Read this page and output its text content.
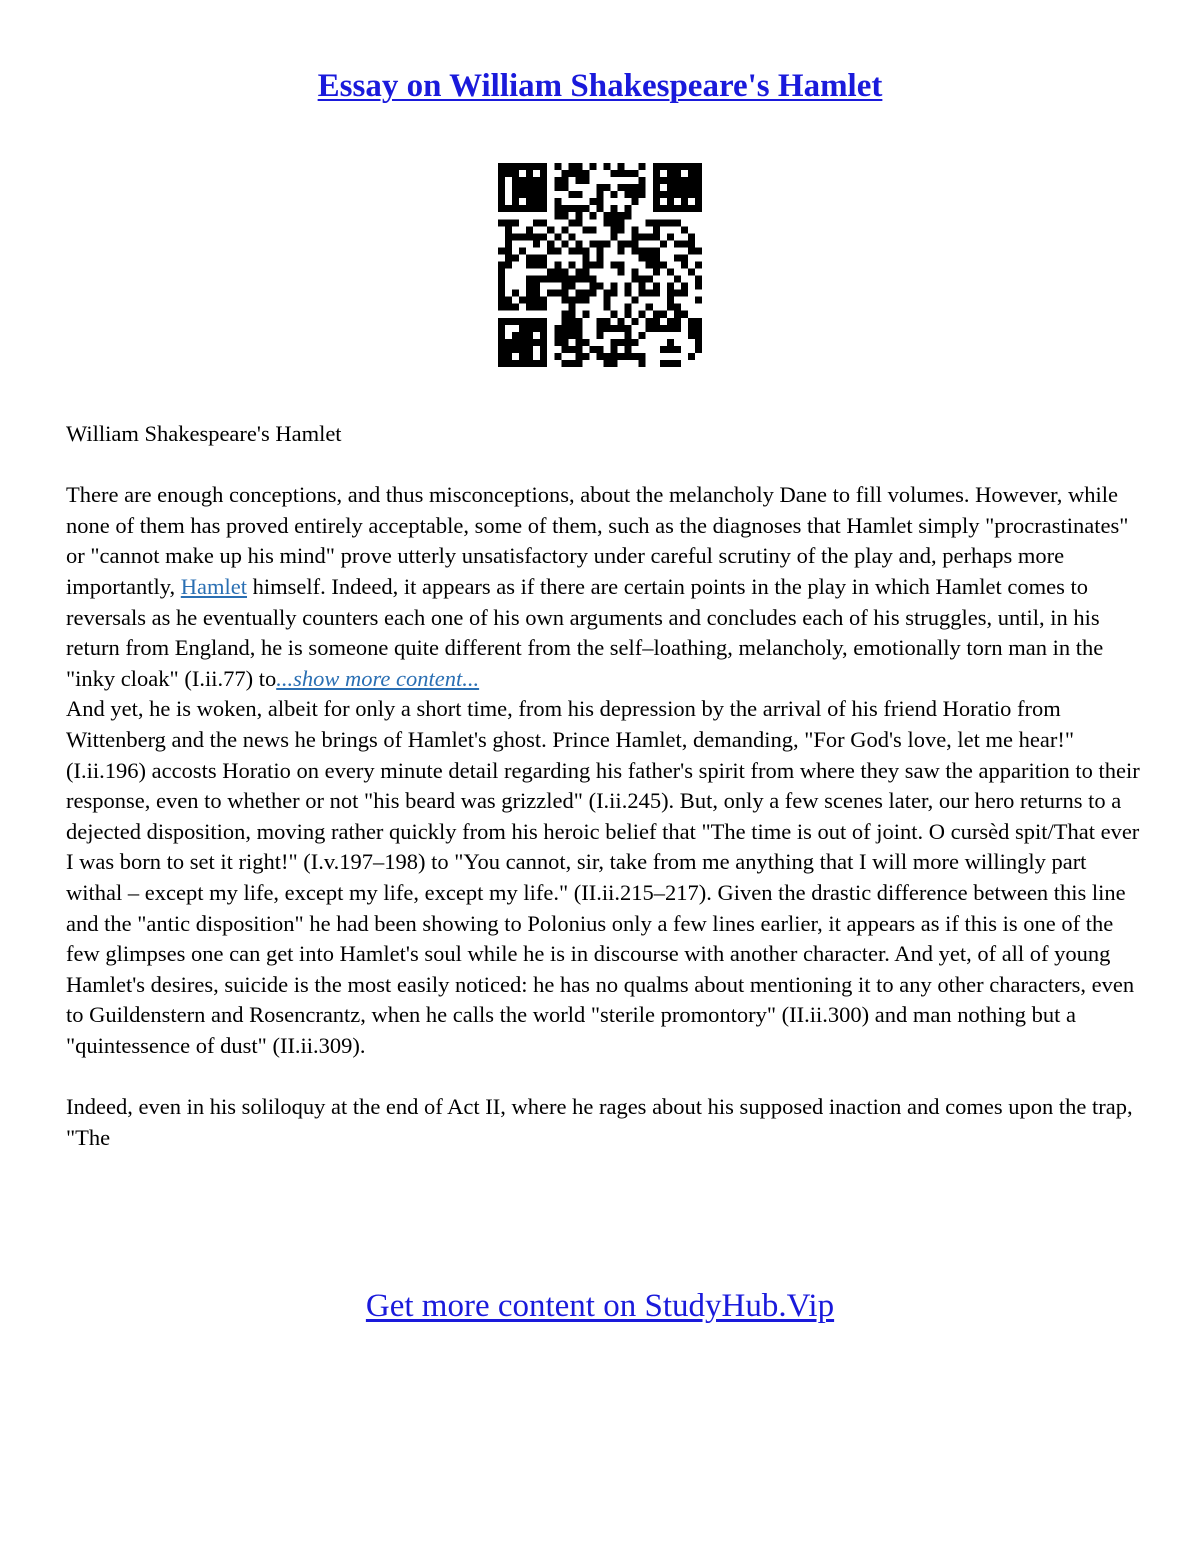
Essay on William Shakespeare's Hamlet

William Shakespeare's Hamlet

There are enough conceptions, and thus misconceptions, about the melancholy Dane to fill volumes. However, while none of them has proved entirely acceptable, some of them, such as the diagnoses that Hamlet simply "procrastinates" or "cannot make up his mind" prove utterly unsatisfactory under careful scrutiny of the play and, perhaps more importantly, Hamlet himself. Indeed, it appears as if there are certain points in the play in which Hamlet comes to reversals as he eventually counters each one of his own arguments and concludes each of his struggles, until, in his return from England, he is someone quite different from the self–loathing, melancholy, emotionally torn man in the "inky cloak" (I.ii.77) to...show more content...

And yet, he is woken, albeit for only a short time, from his depression by the arrival of his friend Horatio from Wittenberg and the news he brings of Hamlet's ghost. Prince Hamlet, demanding, "For God's love, let me hear!" (I.ii.196) accosts Horatio on every minute detail regarding his father's spirit from where they saw the apparition to their response, even to whether or not "his beard was grizzled" (I.ii.245). But, only a few scenes later, our hero returns to a dejected disposition, moving rather quickly from his heroic belief that "The time is out of joint. O cursèd spit/That ever I was born to set it right!" (I.v.197–198) to "You cannot, sir, take from me anything that I will more willingly part withal – except my life, except my life, except my life." (II.ii.215–217). Given the drastic difference between this line and the "antic disposition" he had been showing to Polonius only a few lines earlier, it appears as if this is one of the few glimpses one can get into Hamlet's soul while he is in discourse with another character. And yet, of all of young Hamlet's desires, suicide is the most easily noticed: he has no qualms about mentioning it to any other characters, even to Guildenstern and Rosencrantz, when he calls the world "sterile promontory" (II.ii.300) and man nothing but a "quintessence of dust" (II.ii.309).

Indeed, even in his soliloquy at the end of Act II, where he rages about his supposed inaction and comes upon the trap, "The

Get more content on StudyHub.Vip
